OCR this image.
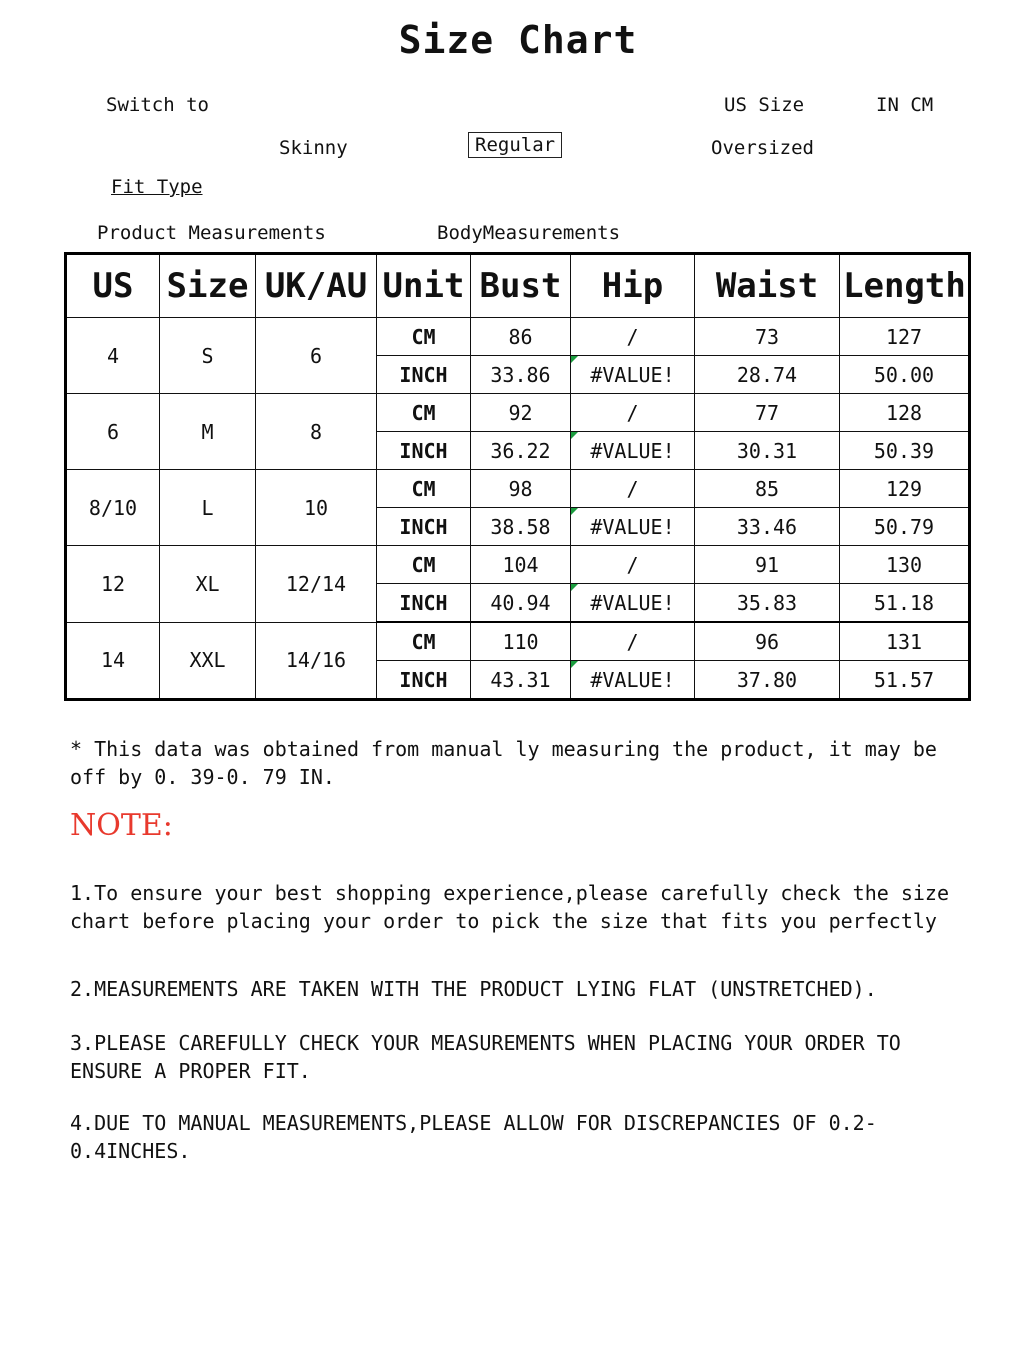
Size Chart
Switch to	US Size	IN CM
Skinny	Regular	Oversized
Fit Type
Product Measurements	BodyMeasurements
US	Size	UK/AU	Unit	Bust	Hip	Waist	Length
4	S	6	CM	86	/	73	127
			INCH	33.86	#VALUE!	28.74	50.00
6	M	8	CM	92	/	77	128
			INCH	36.22	#VALUE!	30.31	50.39
8/10	L	10	CM	98	/	85	129
			INCH	38.58	#VALUE!	33.46	50.79
12	XL	12/14	CM	104	/	91	130
			INCH	40.94	#VALUE!	35.83	51.18
14	XXL	14/16	CM	110	/	96	131
			INCH	43.31	#VALUE!	37.80	51.57
* This data was obtained from manual ly measuring the product, it may be off by 0. 39-0. 79 IN.
NOTE:
1.To ensure your best shopping experience,please carefully check the size chart before placing your order to pick the size that fits you perfectly
2.MEASUREMENTS ARE TAKEN WITH THE PRODUCT LYING FLAT (UNSTRETCHED).
3.PLEASE CAREFULLY CHECK YOUR MEASUREMENTS WHEN PLACING YOUR ORDER TO ENSURE A PROPER FIT.
4.DUE TO MANUAL MEASUREMENTS,PLEASE ALLOW FOR DISCREPANCIES OF 0.2-0.4INCHES.
